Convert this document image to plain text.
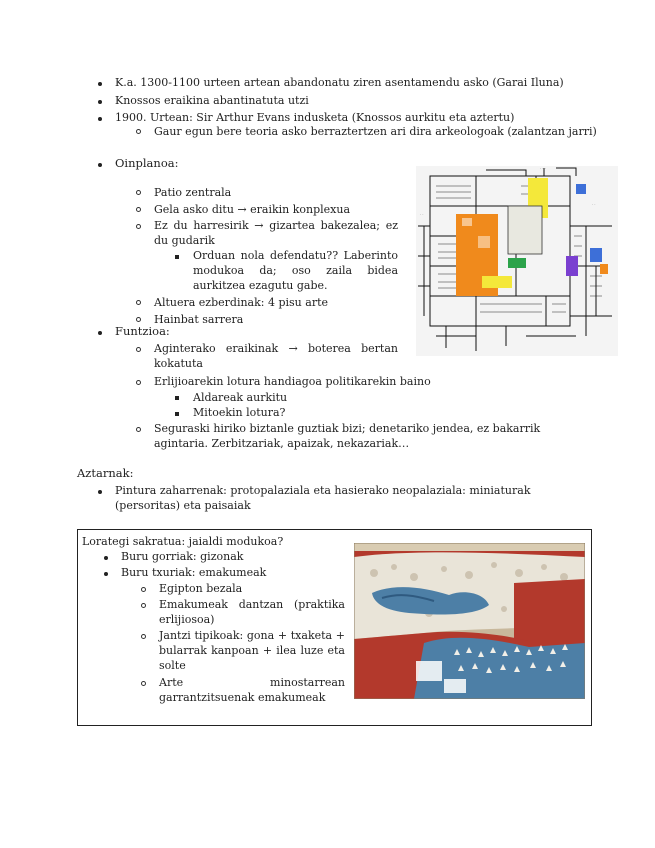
K.a. 1300-1100 urteen artean abandonatu ziren asentamendu asko (Garai Iluna)
Knossos eraikina abantinatuta utzi
1900. Urtean: Sir Arthur Evans indusketa (Knossos aurkitu eta aztertu)
Gaur egun bere teoria asko berraztertzen ari dira arkeologoak (zalantzan jarri)
Oinplanoa:
Patio zentrala
Gela asko ditu → eraikin konplexua
Ez du harresirik → gizartea bakezalea; ez du gudarik
Orduan nola defendatu?? Laberinto modukoa da; oso zaila bidea aurkitzea ezagutu gabe.
Altuera ezberdinak: 4 pisu arte
Hainbat sarrera
⋅ ⋅ ⋅
⋅ ⋅
⋅ ⋅
Funtzioa:
Aginterako eraikinak → boterea bertan kokatuta
Erlijioarekin lotura handiagoa politikarekin baino
Aldareak aurkitu
Mitoekin lotura?
Seguraski hiriko biztanle guztiak bizi; denetariko jendea, ez bakarrik agintaria. Zerbitzariak, apaizak, nekazariak…
Aztarnak:
Pintura zaharrenak: protopalaziala eta hasierako neopalaziala: miniaturak (persoritas) eta paisaiak
Lorategi sakratua: jaialdi modukoa?
Buru gorriak: gizonak
Buru txuriak: emakumeak
Egipton bezala
Emakumeak dantzan (praktika erlijiosoa)
Jantzi tipikoak: gona + txaketa + bularrak kanpoan + ilea luze eta solte
Arte minostarrean garrantzitsuenak emakumeak
